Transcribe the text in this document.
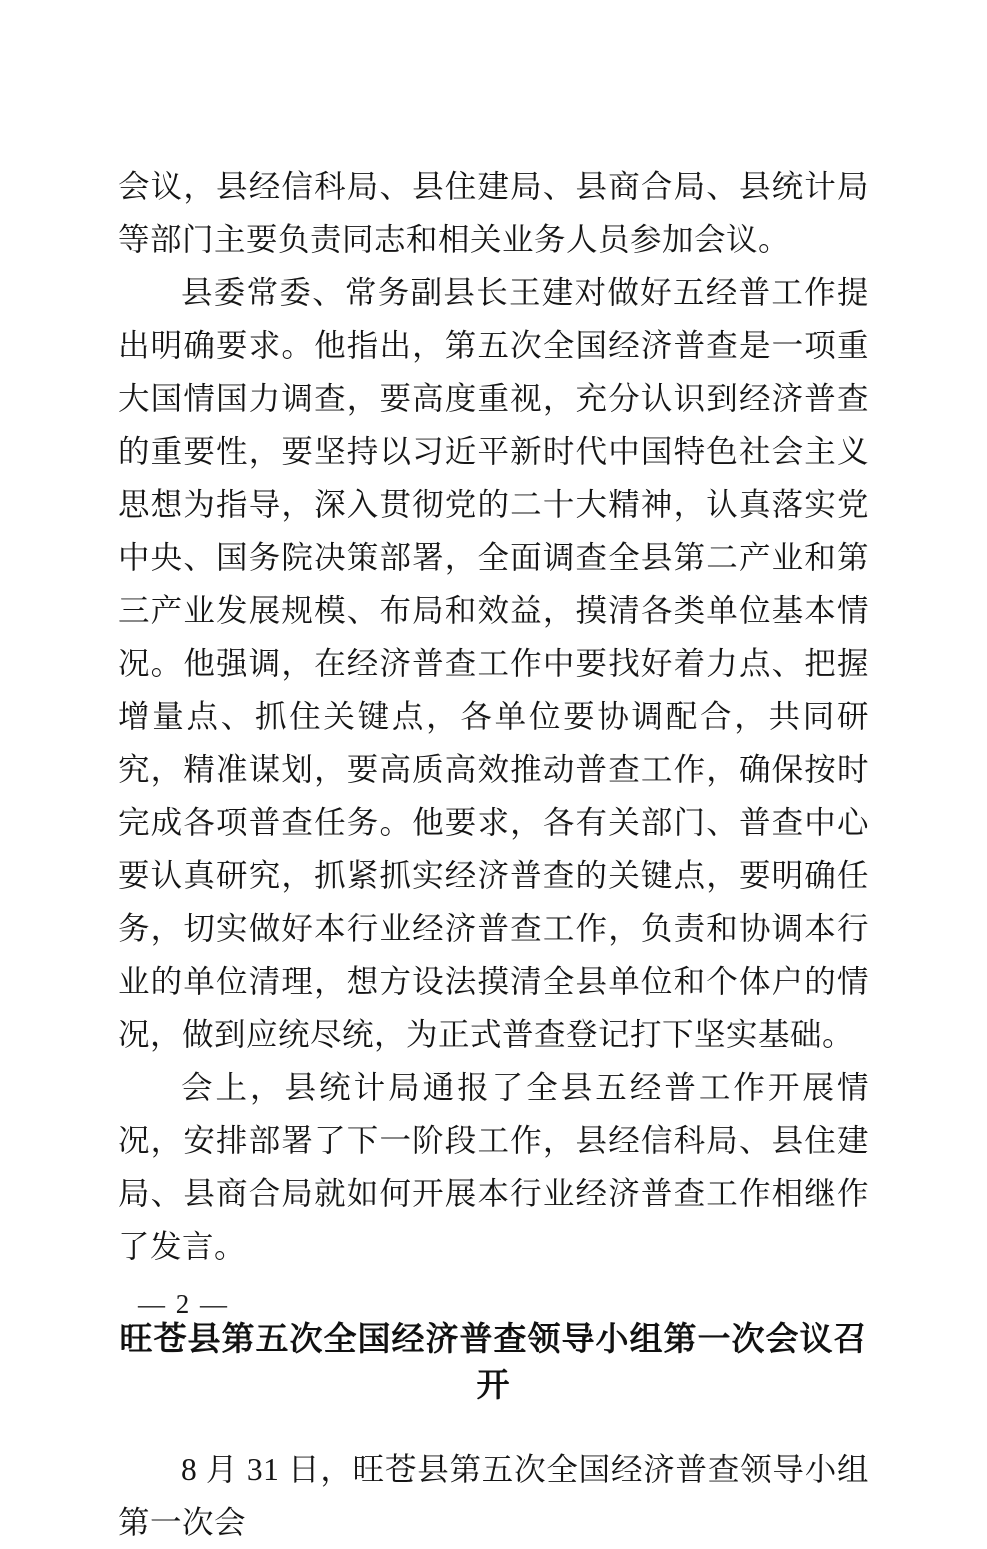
会议，县经信科局、县住建局、县商合局、县统计局等部门主要负责同志和相关业务人员参加会议。

县委常委、常务副县长王建对做好五经普工作提出明确要求。他指出，第五次全国经济普查是一项重大国情国力调查，要高度重视，充分认识到经济普查的重要性，要坚持以习近平新时代中国特色社会主义思想为指导，深入贯彻党的二十大精神，认真落实党中央、国务院决策部署，全面调查全县第二产业和第三产业发展规模、布局和效益，摸清各类单位基本情况。他强调，在经济普查工作中要找好着力点、把握增量点、抓住关键点，各单位要协调配合，共同研究，精准谋划，要高质高效推动普查工作，确保按时完成各项普查任务。他要求，各有关部门、普查中心要认真研究，抓紧抓实经济普查的关键点，要明确任务，切实做好本行业经济普查工作，负责和协调本行业的单位清理，想方设法摸清全县单位和个体户的情况，做到应统尽统，为正式普查登记打下坚实基础。

会上，县统计局通报了全县五经普工作开展情况，安排部署了下一阶段工作，县经信科局、县住建局、县商合局就如何开展本行业经济普查工作相继作了发言。

旺苍县第五次全国经济普查领导小组第一次会议召开

8 月 31 日，旺苍县第五次全国经济普查领导小组第一次会

— 2 —
